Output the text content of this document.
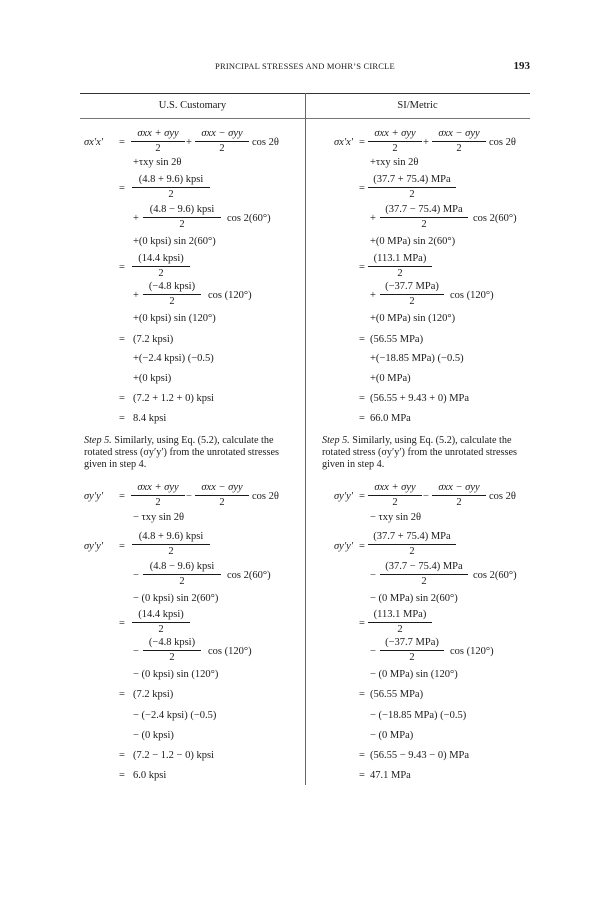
PRINCIPAL STRESSES AND MOHR’S CIRCLE	193
U.S. Customary	SI/Metric
σx′x′ =
σxx + σyy
2
+
σxx − σyy
2
cos 2θ
+τxy sin 2θ
=
(4.8 + 9.6) kpsi
2
+
(4.8 − 9.6) kpsi
2
cos 2(60°)
+(0 kpsi) sin 2(60°)
=
(14.4 kpsi)
2
+
(−4.8 kpsi)
2
cos (120°)
+(0 kpsi) sin (120°)
= (7.2 kpsi)
+(−2.4 kpsi) (−0.5)
+(0 kpsi)
= (7.2 + 1.2 + 0) kpsi
= 8.4 kpsi
Step 5. Similarly, using Eq. (5.2), calculate the rotated stress (σy′y′) from the unrotated stresses given in step 4.
σy′y′ =
σxx + σyy
2
−
σxx − σyy
2
cos 2θ
− τxy sin 2θ
σy′y′ =
(4.8 + 9.6) kpsi
2
−
(4.8 − 9.6) kpsi
2
cos 2(60°)
− (0 kpsi) sin 2(60°)
=
(14.4 kpsi)
2
−
(−4.8 kpsi)
2
cos (120°)
− (0 kpsi) sin (120°)
= (7.2 kpsi)
− (−2.4 kpsi) (−0.5)
− (0 kpsi)
= (7.2 − 1.2 − 0) kpsi
= 6.0 kpsi
σx′x′ =
σxx + σyy
2
+
σxx − σyy
2
cos 2θ
+τxy sin 2θ
=
(37.7 + 75.4) MPa
2
+
(37.7 − 75.4) MPa
2
cos 2(60°)
+(0 MPa) sin 2(60°)
=
(113.1 MPa)
2
+
(−37.7 MPa)
2
cos (120°)
+(0 MPa) sin (120°)
= (56.55 MPa)
+(−18.85 MPa) (−0.5)
+(0 MPa)
= (56.55 + 9.43 + 0) MPa
= 66.0 MPa
Step 5. Similarly, using Eq. (5.2), calculate the rotated stress (σy′y′) from the unrotated stresses given in step 4.
σy′y′ =
σxx + σyy
2
−
σxx − σyy
2
cos 2θ
− τxy sin 2θ
σy′y′ =
(37.7 + 75.4) MPa
2
−
(37.7 − 75.4) MPa
2
cos 2(60°)
− (0 MPa) sin 2(60°)
=
(113.1 MPa)
2
−
(−37.7 MPa)
2
cos (120°)
− (0 MPa) sin (120°)
= (56.55 MPa)
− (−18.85 MPa) (−0.5)
− (0 MPa)
= (56.55 − 9.43 − 0) MPa
= 47.1 MPa
